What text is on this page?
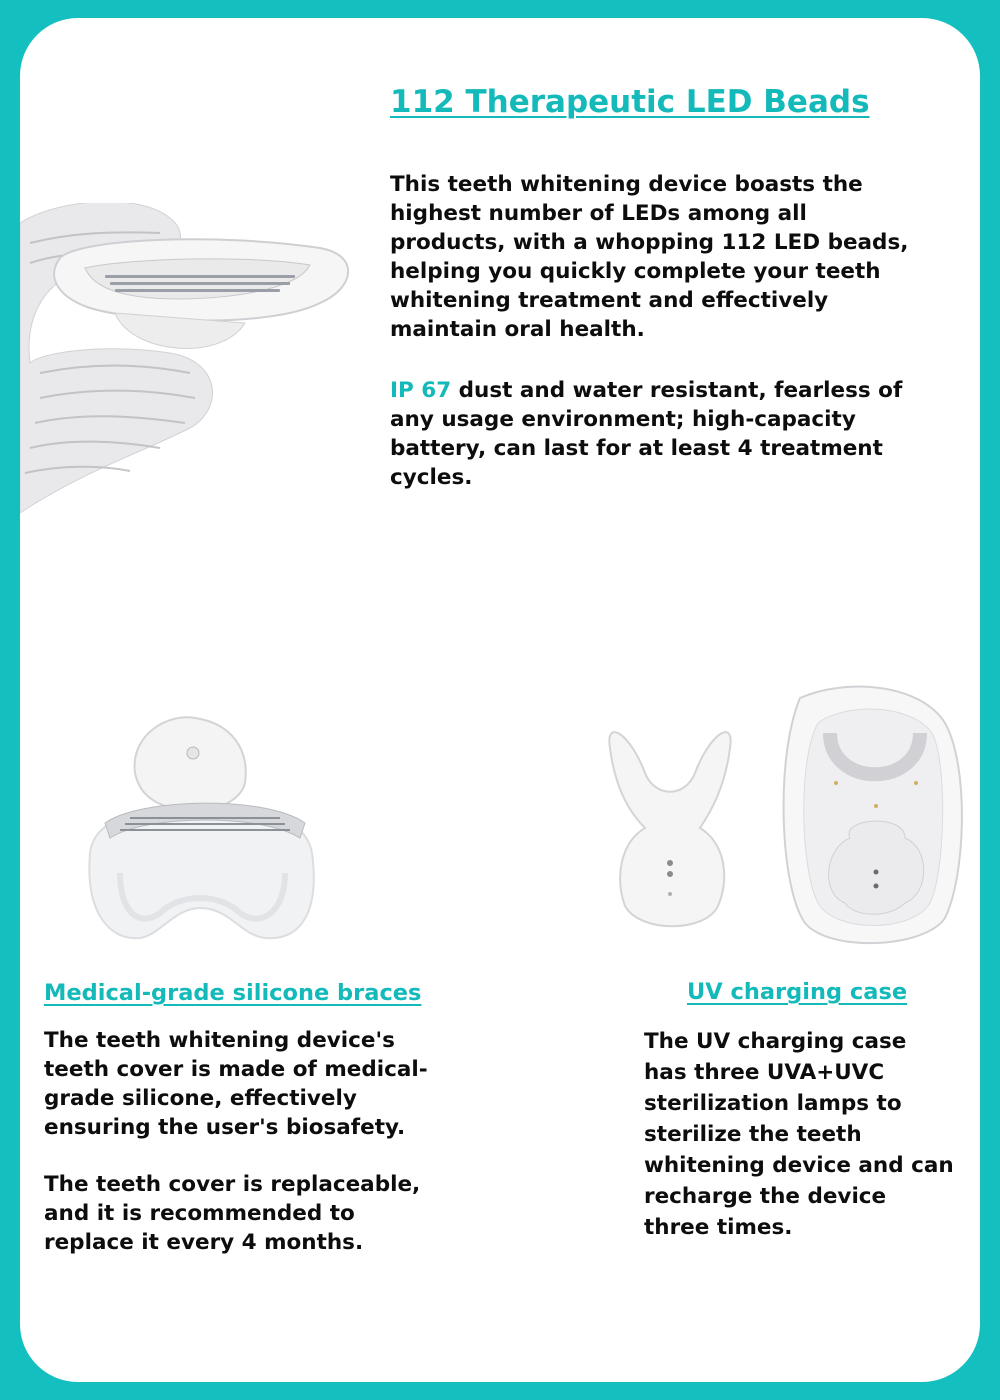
112 Therapeutic LED Beads

This teeth whitening device boasts the highest number of LEDs among all products, with a whopping 112 LED beads, helping you quickly complete your teeth whitening treatment and effectively maintain oral health.

IP 67 dust and water resistant, fearless of any usage environment; high-capacity battery, can last for at least 4 treatment cycles.

Medical-grade silicone braces

The teeth whitening device's teeth cover is made of medical-grade silicone, effectively ensuring the user's biosafety.

The teeth cover is replaceable, and it is recommended to replace it every 4 months.

UV charging case

The UV charging case has three UVA+UVC sterilization lamps to sterilize the teeth whitening device and can recharge the device three times.
